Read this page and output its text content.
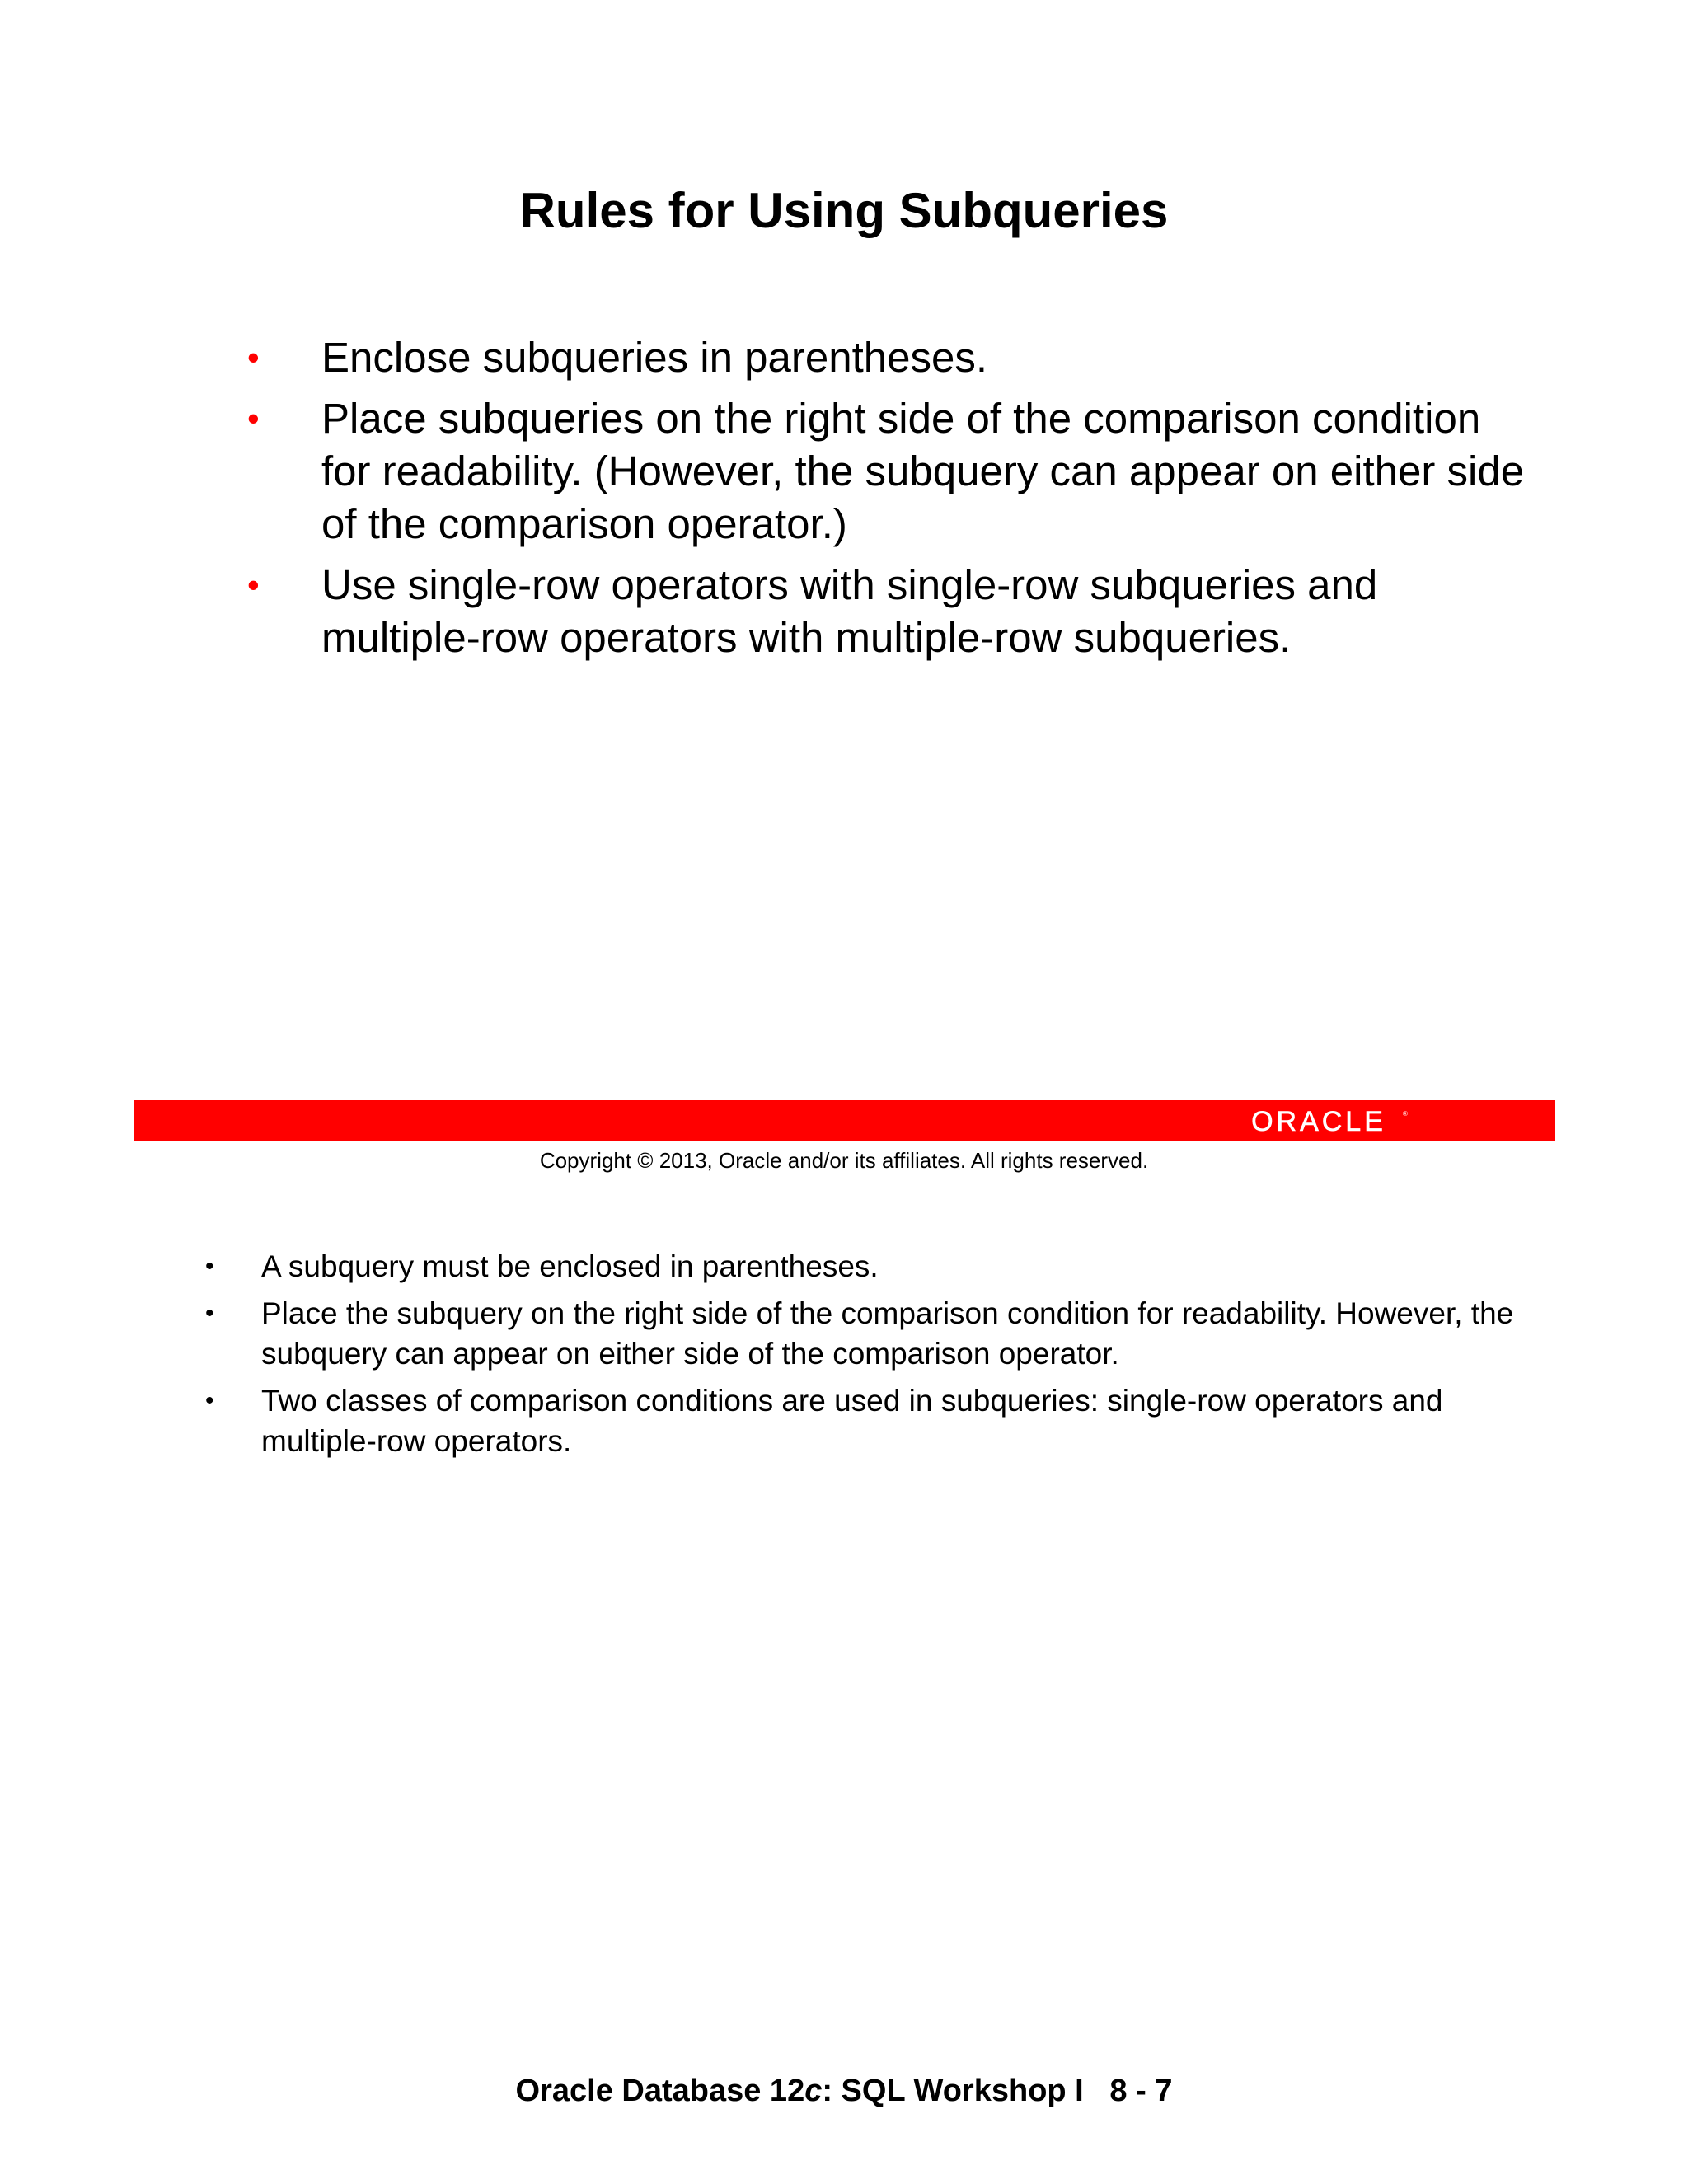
Rules for Using Subqueries
• Enclose subqueries in parentheses.
• Place subqueries on the right side of the comparison condition for readability. (However, the subquery can appear on either side of the comparison operator.)
• Use single-row operators with single-row subqueries and multiple-row operators with multiple-row subqueries.
ORACLE	®
Copyright © 2013, Oracle and/or its affiliates. All rights reserved.
• A subquery must be enclosed in parentheses.
• Place the subquery on the right side of the comparison condition for readability. However, the subquery can appear on either side of the comparison operator.
• Two classes of comparison conditions are used in subqueries: single-row operators and multiple-row operators.
Oracle Database 12c: SQL Workshop I   8 - 7
